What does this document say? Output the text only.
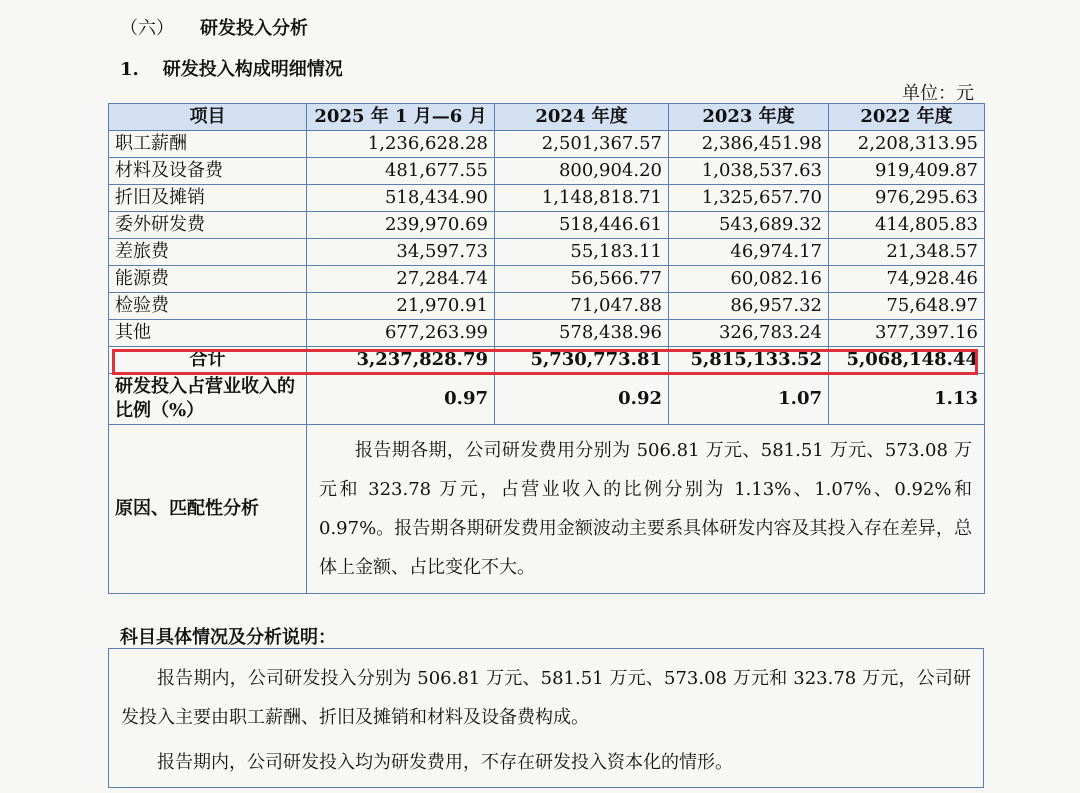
（六） 研发投入分析
1. 研发投入构成明细情况
单位：元
项目	2025 年 1 月—6 月	2024 年度	2023 年度	2022 年度
职工薪酬	1,236,628.28	2,501,367.57	2,386,451.98	2,208,313.95
材料及设备费	481,677.55	800,904.20	1,038,537.63	919,409.87
折旧及摊销	518,434.90	1,148,818.71	1,325,657.70	976,295.63
委外研发费	239,970.69	518,446.61	543,689.32	414,805.83
差旅费	34,597.73	55,183.11	46,974.17	21,348.57
能源费	27,284.74	56,566.77	60,082.16	74,928.46
检验费	21,970.91	71,047.88	86,957.32	75,648.97
其他	677,263.99	578,438.96	326,783.24	377,397.16
合计	3,237,828.79	5,730,773.81	5,815,133.52	5,068,148.44
研发投入占营业收入的比例（%）	0.97	0.92	1.07	1.13
原因、匹配性分析	报告期各期，公司研发费用分别为 506.81 万元、581.51 万元、573.08 万元和 323.78 万元，占营业收入的比例分别为 1.13%、1.07%、0.92%和 0.97%。报告期各期研发费用金额波动主要系具体研发内容及其投入存在差异，总体上金额、占比变化不大。			
科目具体情况及分析说明：

报告期内，公司研发投入分别为 506.81 万元、581.51 万元、573.08 万元和 323.78 万元，公司研发投入主要由职工薪酬、折旧及摊销和材料及设备费构成。

报告期内，公司研发投入均为研发费用，不存在研发投入资本化的情形。
